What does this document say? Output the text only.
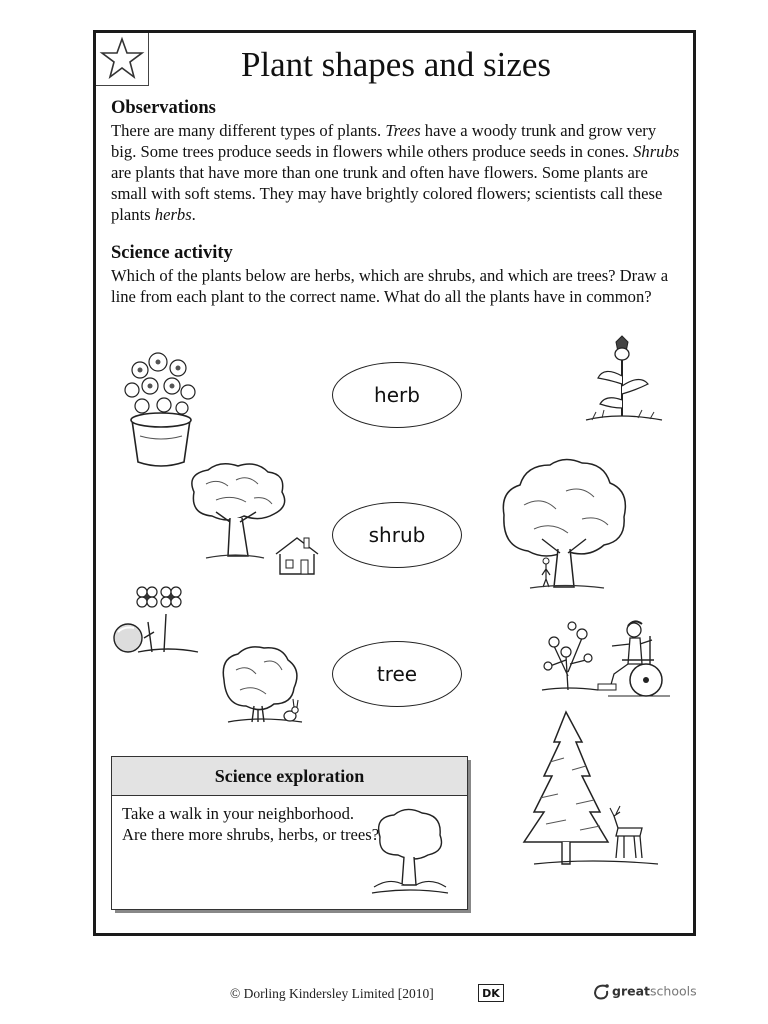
Plant shapes and sizes
Observations
There are many different types of plants. Trees have a woody trunk and grow very big. Some trees produce seeds in flowers while others produce seeds in cones. Shrubs are plants that have more than one trunk and often have flowers. Some plants are small with soft stems. They may have brightly colored flowers; scientists call these plants herbs.
Science activity
Which of the plants below are herbs, which are shrubs, and which are trees? Draw a line from each plant to the correct name. What do all the plants have in common?
herb
shrub
tree
Science exploration
Take a walk in your neighborhood. Are there more shrubs, herbs, or trees?
© Dorling Kindersley Limited [2010]	DK	greatschools
